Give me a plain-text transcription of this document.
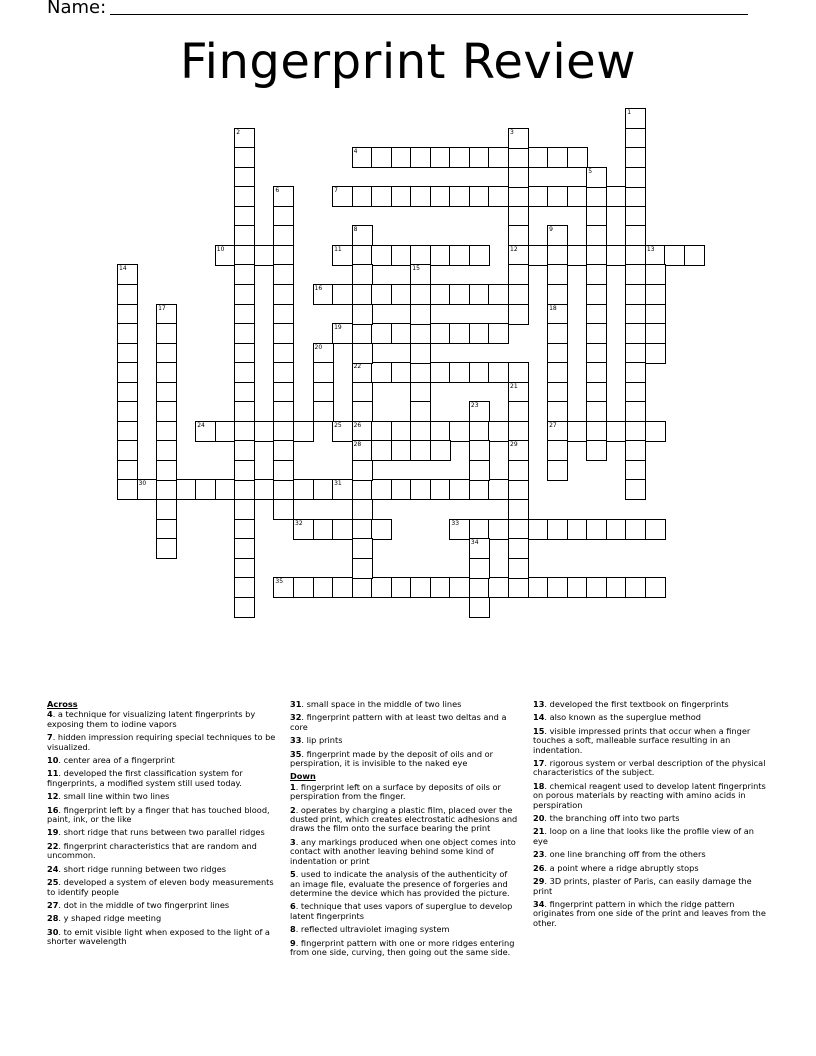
Name:
Fingerprint Review
4
7
10	11	12	13
16
19
22
24	25 26	27
28
30	31
32	33
35
1
2	3
5
6
8	9
14	15
17	18
20
21
23
29
34
Across
4. a technique for visualizing latent fingerprints by exposing them to iodine vapors
7. hidden impression requiring special techniques to be visualized.
10. center area of a fingerprint
11. developed the first classification system for fingerprints, a modified system still used today.
12. small line within two lines
16. fingerprint left by a finger that has touched blood, paint, ink, or the like
19. short ridge that runs between two parallel ridges
22. fingerprint characteristics that are random and uncommon.
24. short ridge running between two ridges
25. developed a system of eleven body measurements to identify people
27. dot in the middle of two fingerprint lines
28. y shaped ridge meeting
30. to emit visible light when exposed to the light of a shorter wavelength
31. small space in the middle of two lines
32. fingerprint pattern with at least two deltas and a core
33. lip prints
35. fingerprint made by the deposit of oils and or perspiration, it is invisible to the naked eye
Down
1. fingerprint left on a surface by deposits of oils or perspiration from the finger.
2. operates by charging a plastic film, placed over the dusted print, which creates electrostatic adhesions and draws the film onto the surface bearing the print
3. any markings produced when one object comes into contact with another leaving behind some kind of indentation or print
5. used to indicate the analysis of the authenticity of an image file, evaluate the presence of forgeries and determine the device which has provided the picture.
6. technique that uses vapors of superglue to develop latent fingerprints
8. reflected ultraviolet imaging system
9. fingerprint pattern with one or more ridges entering from one side, curving, then going out the same side.
13. developed the first textbook on fingerprints
14. also known as the superglue method
15. visible impressed prints that occur when a finger touches a soft, malleable surface resulting in an indentation.
17. rigorous system or verbal description of the physical characteristics of the subject.
18. chemical reagent used to develop latent fingerprints on porous materials by reacting with amino acids in perspiration
20. the branching off into two parts
21. loop on a line that looks like the profile view of an eye
23. one line branching off from the others
26. a point where a ridge abruptly stops
29. 3D prints, plaster of Paris, can easily damage the print
34. fingerprint pattern in which the ridge pattern originates from one side of the print and leaves from the other.
